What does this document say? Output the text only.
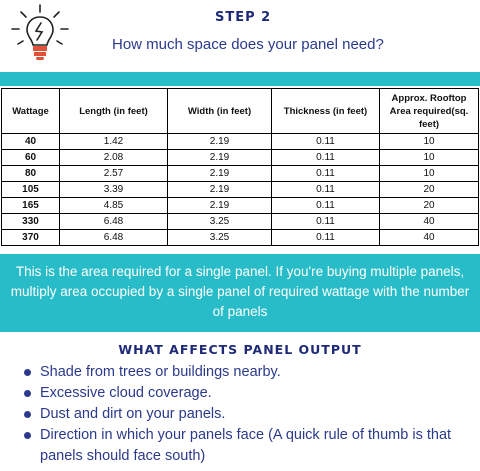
STEP 2
How much space does your panel need?
Wattage	Length (in feet)	Width (in feet)	Thickness (in feet)	Approx. Rooftop Area required(sq. feet)
40	1.42	2.19	0.11	10
60	2.08	2.19	0.11	10
80	2.57	2.19	0.11	10
105	3.39	2.19	0.11	20
165	4.85	2.19	0.11	20
330	6.48	3.25	0.11	40
370	6.48	3.25	0.11	40
This is the area required for a single panel. If you're buying multiple panels, multiply area occupied by a single panel of required wattage with the number of panels
WHAT AFFECTS PANEL OUTPUT
Shade from trees or buildings nearby.
Excessive cloud coverage.
Dust and dirt on your panels.
Direction in which your panels face (A quick rule of thumb is that panels should face south)
